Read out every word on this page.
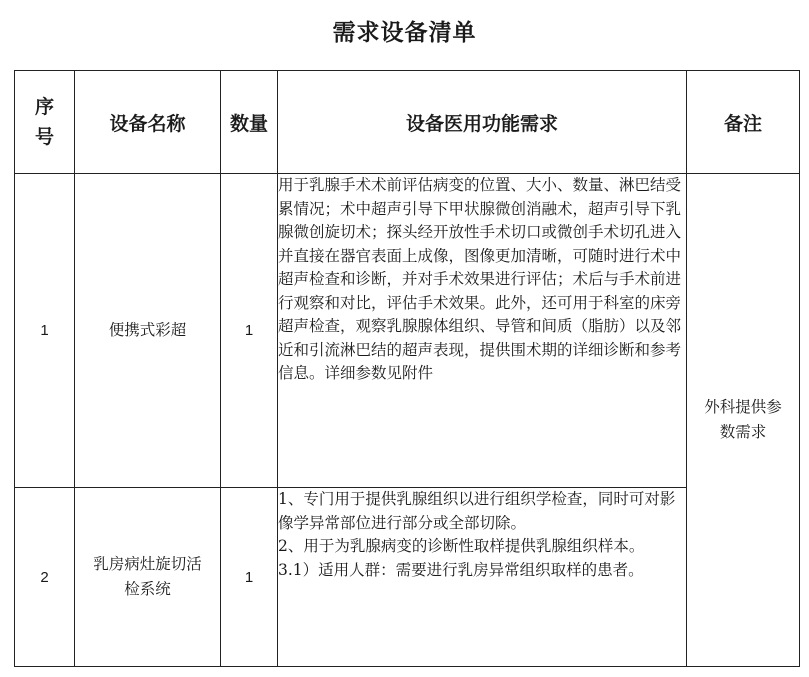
需求设备清单
序号	设备名称	数量	设备医用功能需求	备注
1	便携式彩超	1	用于乳腺手术术前评估病变的位置、大小、数量、淋巴结受累情况；术中超声引导下甲状腺微创消融术，超声引导下乳腺微创旋切术；探头经开放性手术切口或微创手术切孔进入并直接在器官表面上成像，图像更加清晰，可随时进行术中超声检查和诊断，并对手术效果进行评估；术后与手术前进行观察和对比，评估手术效果。此外，还可用于科室的床旁超声检查，观察乳腺腺体组织、导管和间质（脂肪）以及邻近和引流淋巴结的超声表现，提供围术期的详细诊断和参考信息。详细参数见附件	外科提供参数需求
2	乳房病灶旋切活检系统	1	1、专门用于提供乳腺组织以进行组织学检查，同时可对影像学异常部位进行部分或全部切除。

2、用于为乳腺病变的诊断性取样提供乳腺组织样本。

3.1）适用人群：需要进行乳房异常组织取样的患者。	
